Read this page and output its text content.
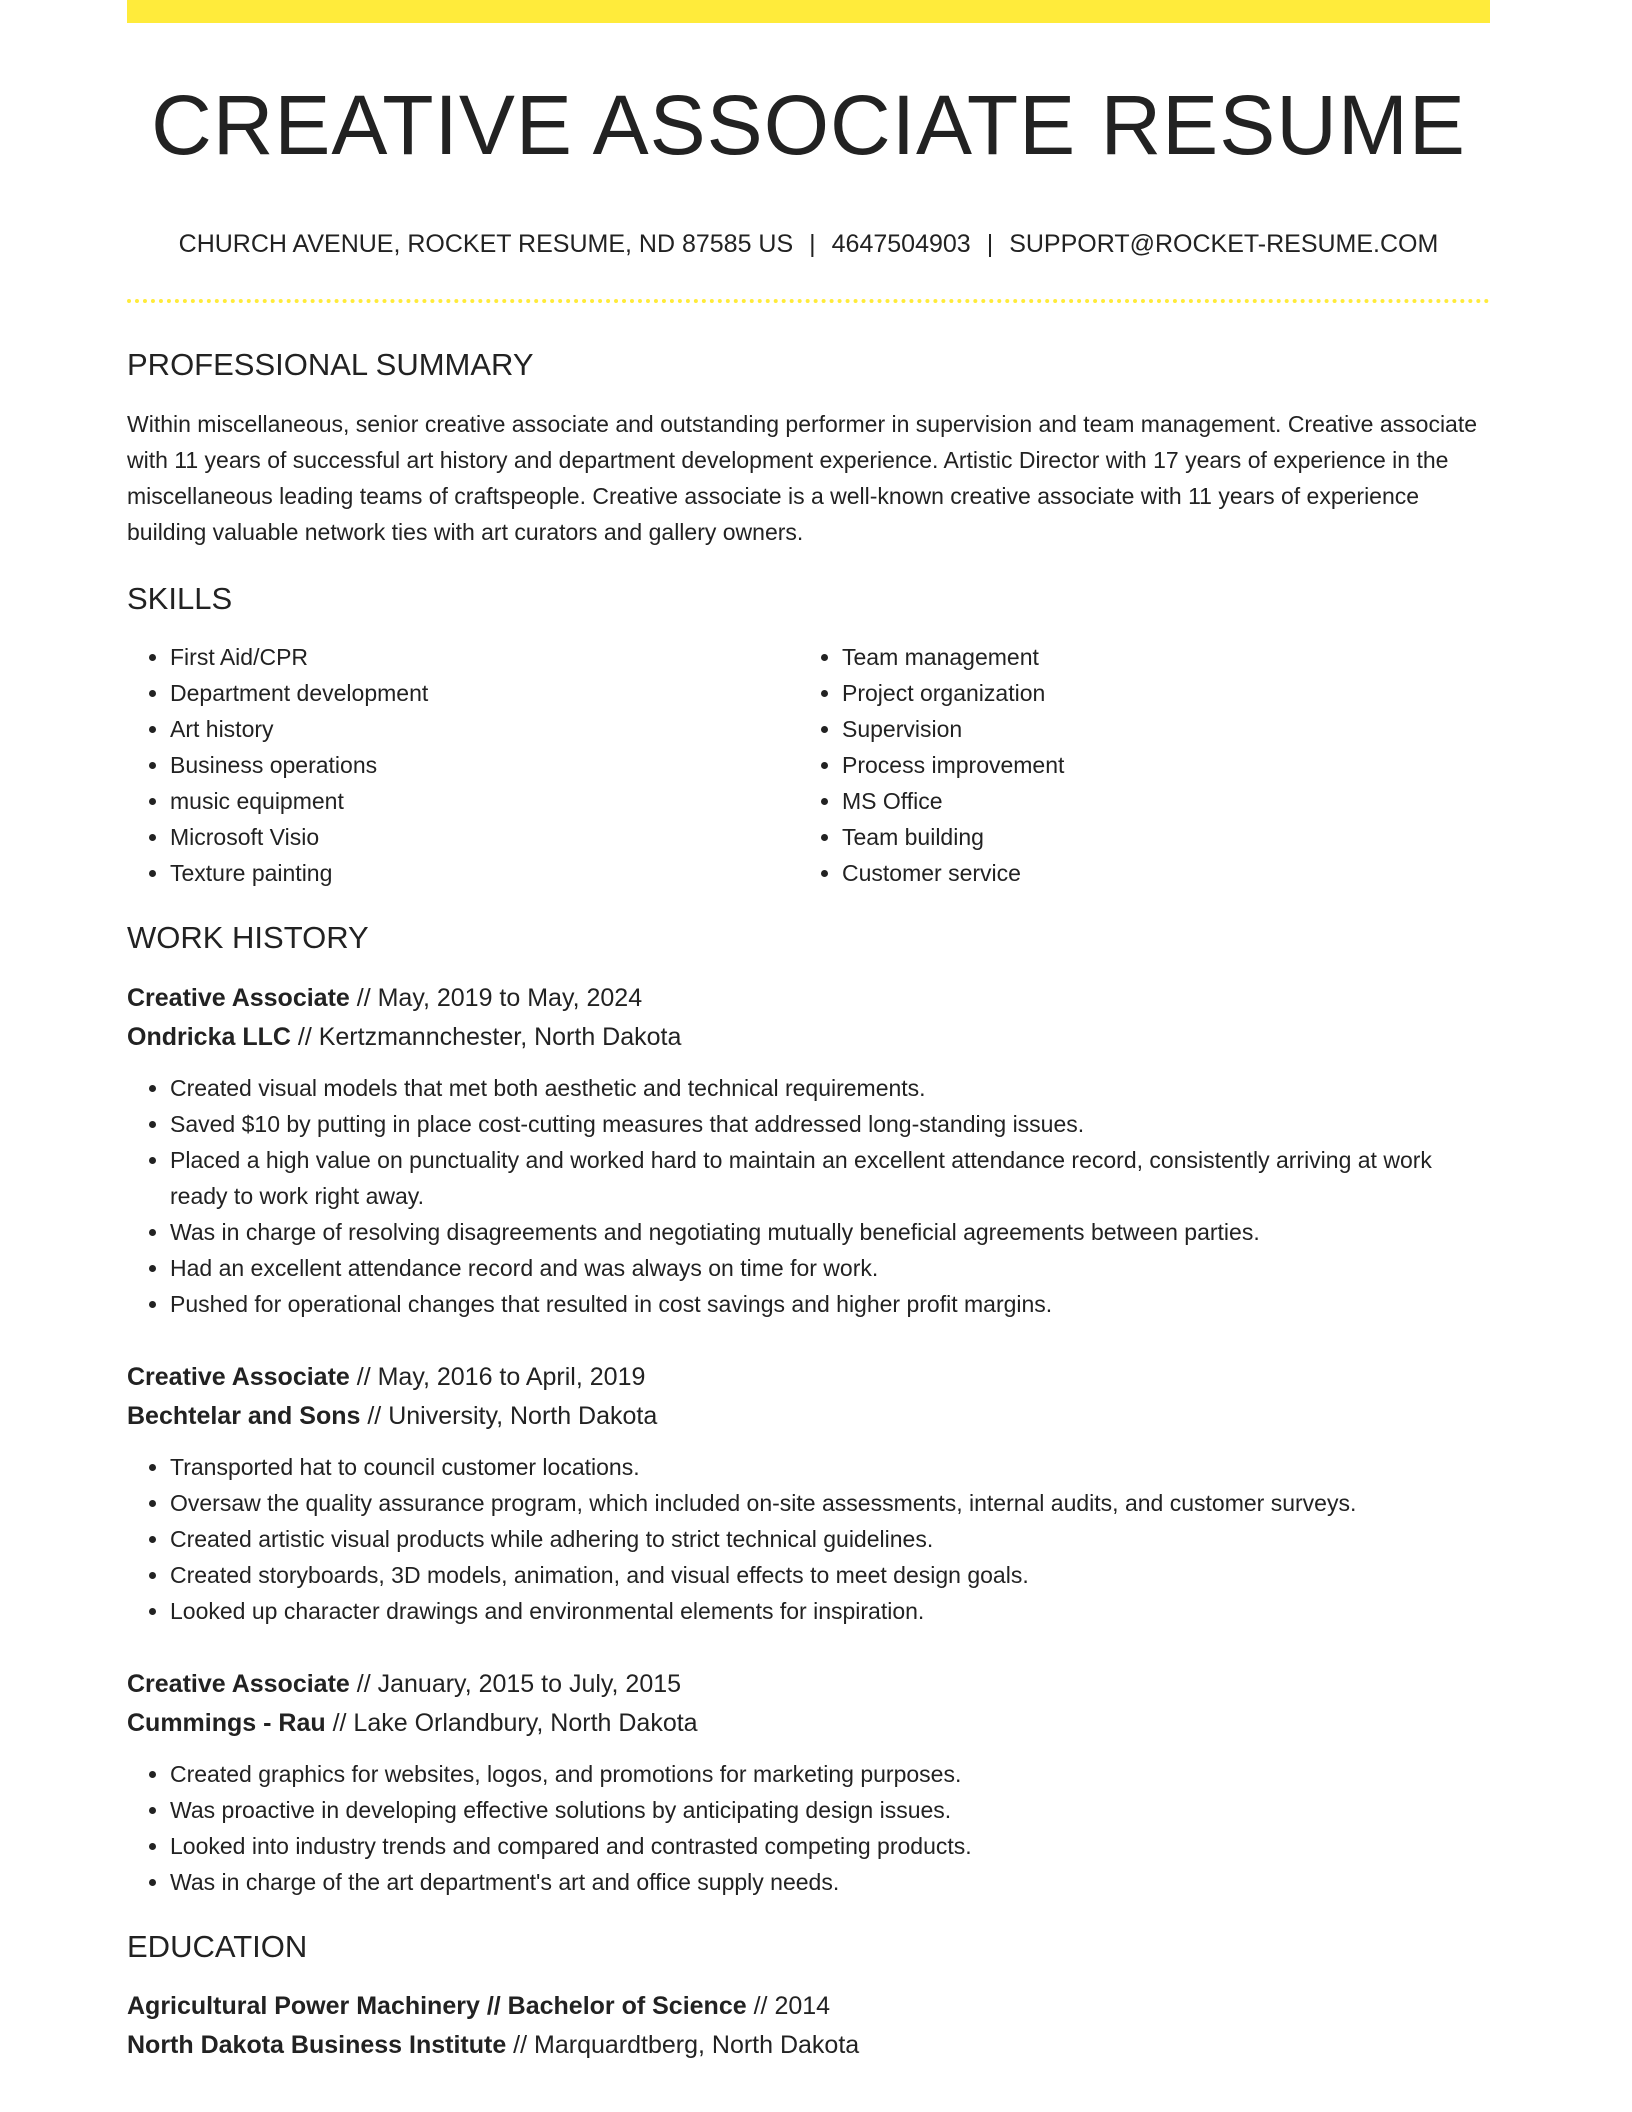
CREATIVE ASSOCIATE RESUME
CHURCH AVENUE, ROCKET RESUME, ND 87585 US | 4647504903 | SUPPORT@ROCKET-RESUME.COM
PROFESSIONAL SUMMARY

Within miscellaneous, senior creative associate and outstanding performer in supervision and team management. Creative associate with 11 years of successful art history and department development experience. Artistic Director with 17 years of experience in the miscellaneous leading teams of craftspeople. Creative associate is a well-known creative associate with 11 years of experience building valuable network ties with art curators and gallery owners.

SKILLS
• First Aid/CPR
• Department development
• Art history
• Business operations
• music equipment
• Microsoft Visio
• Texture painting
• Team management
• Project organization
• Supervision
• Process improvement
• MS Office
• Team building
• Customer service
WORK HISTORY
Creative Associate // May, 2019 to May, 2024
Ondricka LLC // Kertzmannchester, North Dakota
• Created visual models that met both aesthetic and technical requirements.
• Saved $10 by putting in place cost-cutting measures that addressed long-standing issues.
• Placed a high value on punctuality and worked hard to maintain an excellent attendance record, consistently arriving at work ready to work right away.
• Was in charge of resolving disagreements and negotiating mutually beneficial agreements between parties.
• Had an excellent attendance record and was always on time for work.
• Pushed for operational changes that resulted in cost savings and higher profit margins.
Creative Associate // May, 2016 to April, 2019
Bechtelar and Sons // University, North Dakota
• Transported hat to council customer locations.
• Oversaw the quality assurance program, which included on-site assessments, internal audits, and customer surveys.
• Created artistic visual products while adhering to strict technical guidelines.
• Created storyboards, 3D models, animation, and visual effects to meet design goals.
• Looked up character drawings and environmental elements for inspiration.
Creative Associate // January, 2015 to July, 2015
Cummings - Rau // Lake Orlandbury, North Dakota
• Created graphics for websites, logos, and promotions for marketing purposes.
• Was proactive in developing effective solutions by anticipating design issues.
• Looked into industry trends and compared and contrasted competing products.
• Was in charge of the art department's art and office supply needs.
EDUCATION
Agricultural Power Machinery // Bachelor of Science // 2014
North Dakota Business Institute // Marquardtberg, North Dakota
